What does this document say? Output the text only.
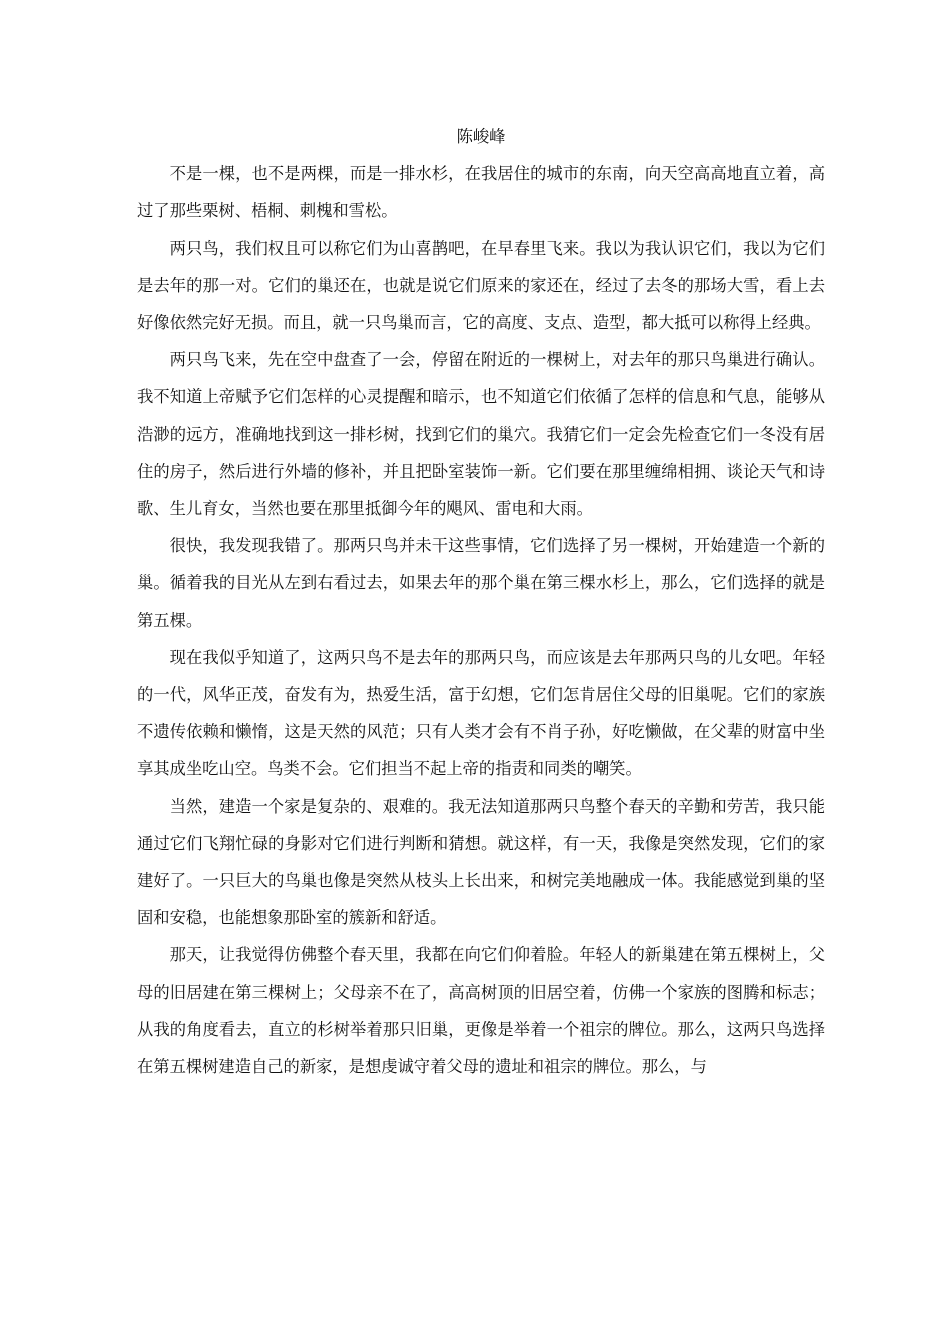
陈峻峰

不是一棵，也不是两棵，而是一排水杉，在我居住的城市的东南，向天空高高地直立着，高过了那些栗树、梧桐、刺槐和雪松。

两只鸟，我们权且可以称它们为山喜鹊吧，在早春里飞来。我以为我认识它们，我以为它们是去年的那一对。它们的巢还在，也就是说它们原来的家还在，经过了去冬的那场大雪，看上去好像依然完好无损。而且，就一只鸟巢而言，它的高度、支点、造型，都大抵可以称得上经典。

两只鸟飞来，先在空中盘查了一会，停留在附近的一棵树上，对去年的那只鸟巢进行确认。我不知道上帝赋予它们怎样的心灵提醒和暗示，也不知道它们依循了怎样的信息和气息，能够从浩渺的远方，准确地找到这一排杉树，找到它们的巢穴。我猜它们一定会先检查它们一冬没有居住的房子，然后进行外墙的修补，并且把卧室装饰一新。它们要在那里缠绵相拥、谈论天气和诗歌、生儿育女，当然也要在那里抵御今年的飓风、雷电和大雨。

很快，我发现我错了。那两只鸟并未干这些事情，它们选择了另一棵树，开始建造一个新的巢。循着我的目光从左到右看过去，如果去年的那个巢在第三棵水杉上，那么，它们选择的就是第五棵。

现在我似乎知道了，这两只鸟不是去年的那两只鸟，而应该是去年那两只鸟的儿女吧。年轻的一代，风华正茂，奋发有为，热爱生活，富于幻想，它们怎肯居住父母的旧巢呢。它们的家族不遗传依赖和懒惰，这是天然的风范；只有人类才会有不肖子孙，好吃懒做，在父辈的财富中坐享其成坐吃山空。鸟类不会。它们担当不起上帝的指责和同类的嘲笑。

当然，建造一个家是复杂的、艰难的。我无法知道那两只鸟整个春天的辛勤和劳苦，我只能通过它们飞翔忙碌的身影对它们进行判断和猜想。就这样，有一天，我像是突然发现，它们的家建好了。一只巨大的鸟巢也像是突然从枝头上长出来，和树完美地融成一体。我能感觉到巢的坚固和安稳，也能想象那卧室的簇新和舒适。

那天，让我觉得仿佛整个春天里，我都在向它们仰着脸。年轻人的新巢建在第五棵树上，父母的旧居建在第三棵树上；父母亲不在了，高高树顶的旧居空着，仿佛一个家族的图腾和标志；从我的角度看去，直立的杉树举着那只旧巢，更像是举着一个祖宗的牌位。那么，这两只鸟选择在第五棵树建造自己的新家，是想虔诚守着父母的遗址和祖宗的牌位。那么，与
